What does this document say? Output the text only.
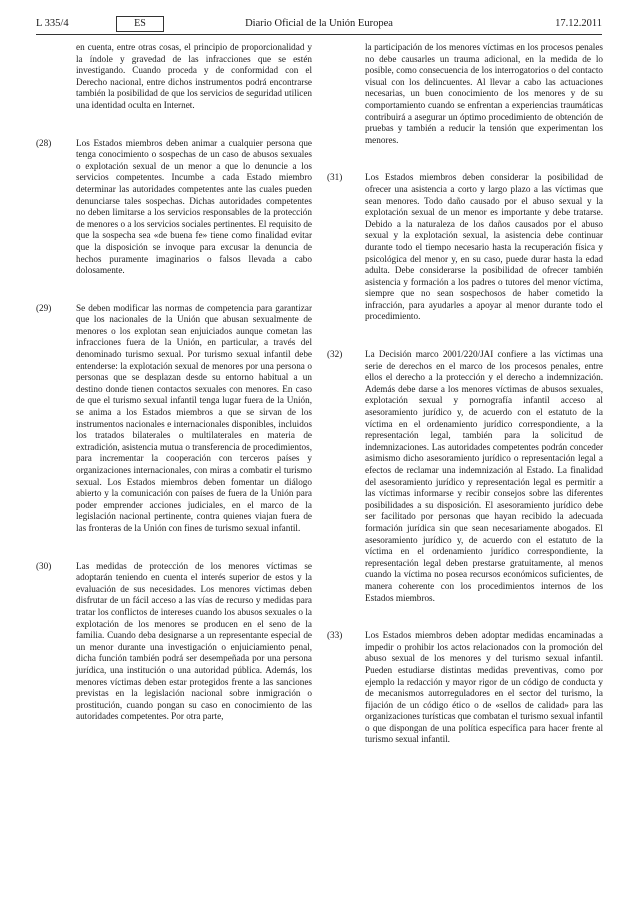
L 335/4	ES	Diario Oficial de la Unión Europea	17.12.2011

en cuenta, entre otras cosas, el principio de proporcionalidad y la índole y gravedad de las infracciones que se estén investigando. Cuando proceda y de conformidad con el Derecho nacional, entre dichos instrumentos podrá encontrarse también la posibilidad de que los servicios de seguridad utilicen una identidad oculta en Internet.

(28)	Los Estados miembros deben animar a cualquier persona que tenga conocimiento o sospechas de un caso de abusos sexuales o explotación sexual de un menor a que lo denuncie a los servicios competentes. Incumbe a cada Estado miembro determinar las autoridades competentes ante las cuales pueden denunciarse tales sospechas. Dichas autoridades competentes no deben limitarse a los servicios responsables de la protección de menores o a los servicios sociales pertinentes. El requisito de que la sospecha sea «de buena fe» tiene como finalidad evitar que la disposición se invoque para excusar la denuncia de hechos puramente imaginarios o falsos llevada a cabo dolosamente.

(29)	Se deben modificar las normas de competencia para garantizar que los nacionales de la Unión que abusan sexualmente de menores o los explotan sean enjuiciados aunque cometan las infracciones fuera de la Unión, en particular, a través del denominado turismo sexual. Por turismo sexual infantil debe entenderse: la explotación sexual de menores por una persona o personas que se desplazan desde su entorno habitual a un destino donde tienen contactos sexuales con menores. En caso de que el turismo sexual infantil tenga lugar fuera de la Unión, se anima a los Estados miembros a que se sirvan de los instrumentos nacionales e internacionales disponibles, incluidos los tratados bilaterales o multilaterales en materia de extradición, asistencia mutua o transferencia de procedimientos, para incrementar la cooperación con terceros países y organizaciones internacionales, con miras a combatir el turismo sexual. Los Estados miembros deben fomentar un diálogo abierto y la comunicación con países de fuera de la Unión para poder emprender acciones judiciales, en el marco de la legislación nacional pertinente, contra quienes viajan fuera de las fronteras de la Unión con fines de turismo sexual infantil.

(30)	Las medidas de protección de los menores víctimas se adoptarán teniendo en cuenta el interés superior de estos y la evaluación de sus necesidades. Los menores víctimas deben disfrutar de un fácil acceso a las vías de recurso y medidas para tratar los conflictos de intereses cuando los abusos sexuales o la explotación de los menores se producen en el seno de la familia. Cuando deba designarse a un representante especial de un menor durante una investigación o enjuiciamiento penal, dicha función también podrá ser desempeñada por una persona jurídica, una institución o una autoridad pública. Además, los menores víctimas deben estar protegidos frente a las sanciones previstas en la legislación nacional sobre inmigración o prostitución, cuando pongan su caso en conocimiento de las autoridades competentes. Por otra parte,

la participación de los menores víctimas en los procesos penales no debe causarles un trauma adicional, en la medida de lo posible, como consecuencia de los interrogatorios o del contacto visual con los delincuentes. Al llevar a cabo las actuaciones necesarias, un buen conocimiento de los menores y de su comportamiento cuando se enfrentan a experiencias traumáticas contribuirá a asegurar un óptimo procedimiento de obtención de pruebas y también a reducir la tensión que experimentan los menores.

(31) Los Estados miembros deben considerar la posibilidad de ofrecer una asistencia a corto y largo plazo a las víctimas que sean menores. Todo daño causado por el abuso sexual y la explotación sexual de un menor es importante y debe tratarse. Debido a la naturaleza de los daños causados por el abuso sexual y la explotación sexual, la asistencia debe continuar durante todo el tiempo necesario hasta la recuperación física y psicológica del menor y, en su caso, puede durar hasta la edad adulta. Debe considerarse la posibilidad de ofrecer también asistencia y formación a los padres o tutores del menor víctima, siempre que no sean sospechosos de haber cometido la infracción, para ayudarles a apoyar al menor durante todo el procedimiento.

(32) La Decisión marco 2001/220/JAI confiere a las víctimas una serie de derechos en el marco de los procesos penales, entre ellos el derecho a la protección y el derecho a indemnización. Además debe darse a los menores víctimas de abusos sexuales, explotación sexual y pornografía infantil acceso al asesoramiento jurídico y, de acuerdo con el estatuto de la víctima en el ordenamiento jurídico correspondiente, a la representación legal, también para la solicitud de indemnizaciones. Las autoridades competentes podrán conceder asimismo dicho asesoramiento jurídico o representación legal a efectos de reclamar una indemnización al Estado. La finalidad del asesoramiento jurídico y representación legal es permitir a las víctimas informarse y recibir consejos sobre las diferentes posibilidades a su disposición. El asesoramiento jurídico debe ser facilitado por personas que hayan recibido la adecuada formación jurídica sin que sean necesariamente abogados. El asesoramiento jurídico y, de acuerdo con el estatuto de la víctima en el ordenamiento jurídico correspondiente, la representación legal deben prestarse gratuitamente, al menos cuando la víctima no posea recursos económicos suficientes, de manera coherente con los procedimientos internos de los Estados miembros.

(33) Los Estados miembros deben adoptar medidas encaminadas a impedir o prohibir los actos relacionados con la promoción del abuso sexual de los menores y del turismo sexual infantil. Pueden estudiarse distintas medidas preventivas, como por ejemplo la redacción y mayor rigor de un código de conducta y de mecanismos autorreguladores en el sector del turismo, la fijación de un código ético o de «sellos de calidad» para las organizaciones turísticas que combatan el turismo sexual infantil o que dispongan de una política específica para hacer frente al turismo sexual infantil.
